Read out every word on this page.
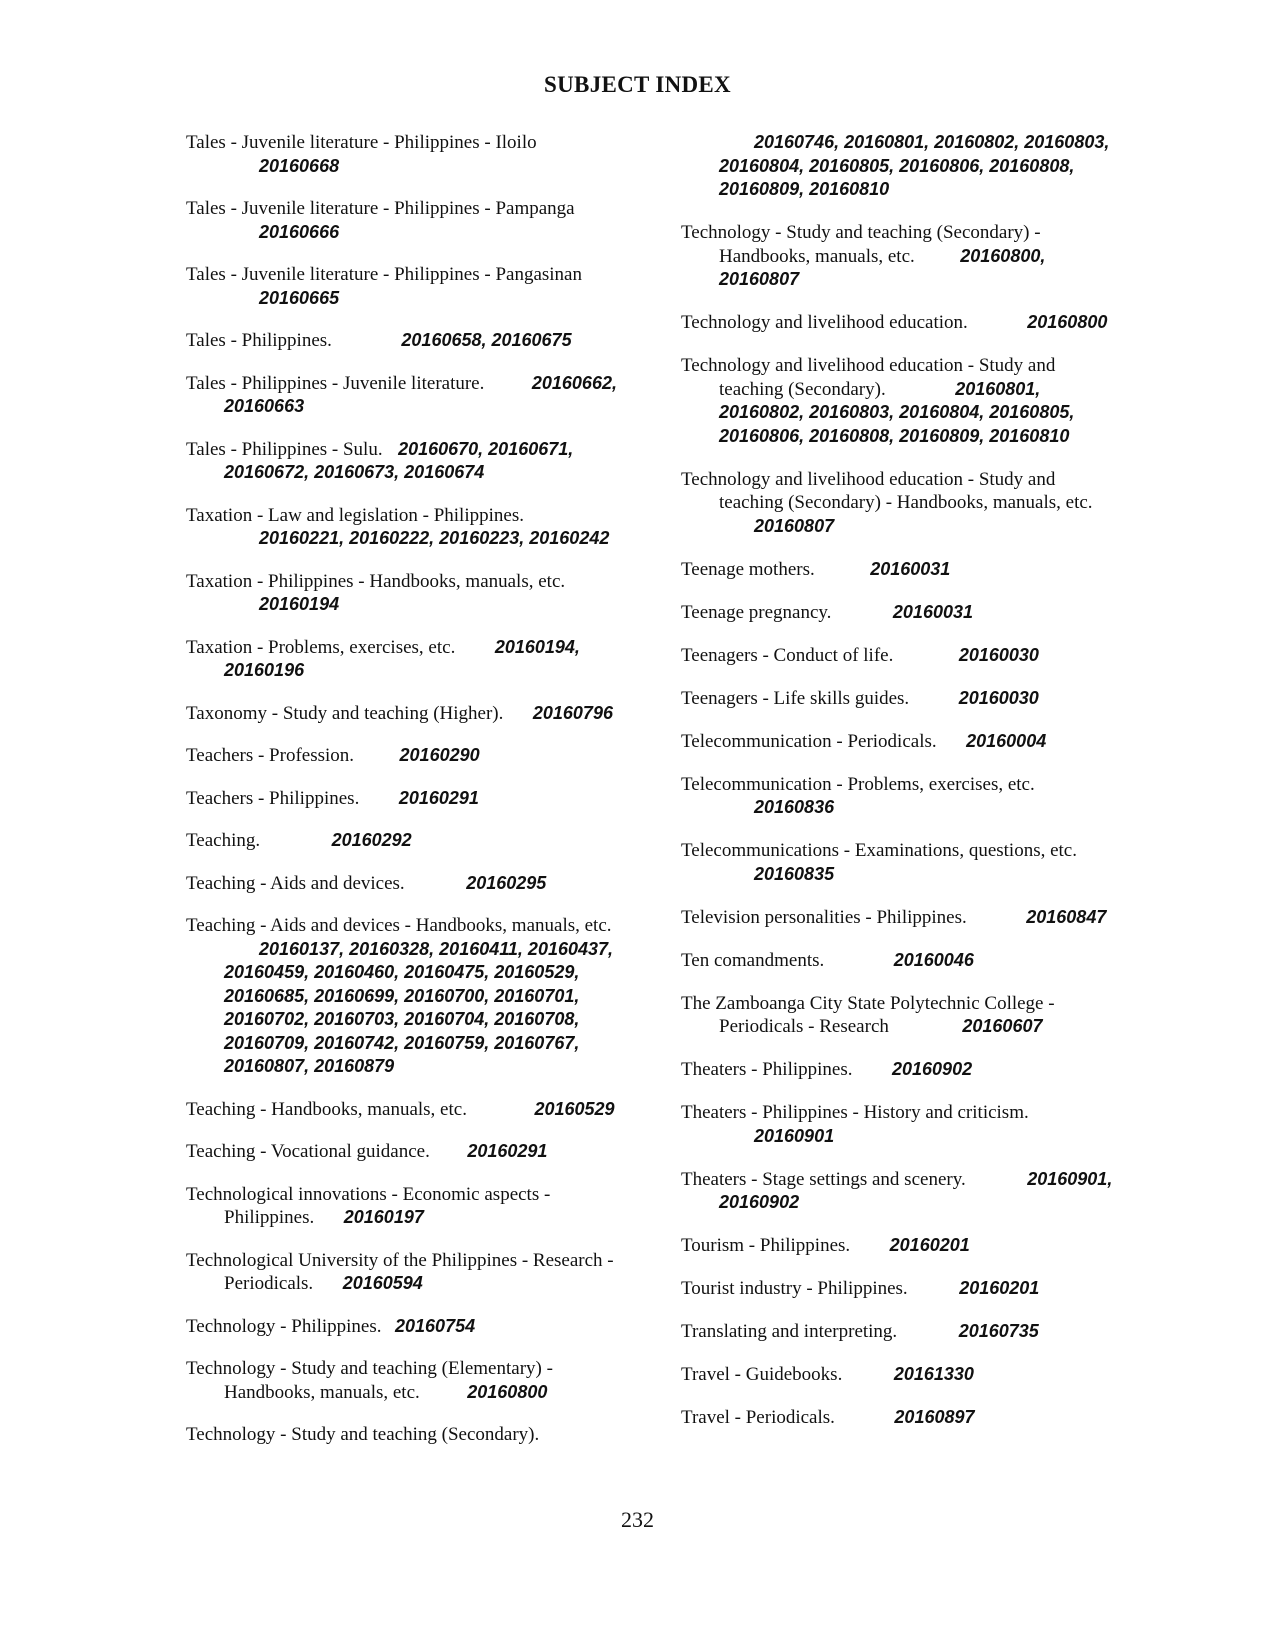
SUBJECT INDEX
Tales - Juvenile literature - Philippines - Iloilo
20160668
Tales - Juvenile literature - Philippines - Pampanga
20160666
Tales - Juvenile literature - Philippines - Pangasinan
20160665
Tales - Philippines.	20160658, 20160675
Tales - Philippines - Juvenile literature.	20160662,
20160663
Tales - Philippines - Sulu. 20160670, 20160671,
20160672, 20160673, 20160674
Taxation - Law and legislation - Philippines.
20160221, 20160222, 20160223, 20160242
Taxation - Philippines - Handbooks, manuals, etc.
20160194
Taxation - Problems, exercises, etc. 20160194,
20160196
Taxonomy - Study and teaching (Higher). 20160796
Teachers - Profession.	20160290
Teachers - Philippines. 20160291
Teaching.	20160292
Teaching - Aids and devices.	20160295
Teaching - Aids and devices - Handbooks, manuals, etc.
20160137, 20160328, 20160411, 20160437,
20160459, 20160460, 20160475, 20160529,
20160685, 20160699, 20160700, 20160701,
20160702, 20160703, 20160704, 20160708,
20160709, 20160742, 20160759, 20160767,
20160807, 20160879
Teaching - Handbooks, manuals, etc.	20160529
Teaching - Vocational guidance. 20160291
Technological innovations - Economic aspects -
Philippines. 20160197
Technological University of the Philippines - Research -
Periodicals. 20160594
Technology - Philippines. 20160754
Technology - Study and teaching (Elementary) -
Handbooks, manuals, etc.	20160800
Technology - Study and teaching (Secondary).
20160746, 20160801, 20160802, 20160803,
20160804, 20160805, 20160806, 20160808,
20160809, 20160810
Technology - Study and teaching (Secondary) -
Handbooks, manuals, etc.	20160800,
20160807
Technology and livelihood education.	20160800
Technology and livelihood education - Study and
teaching (Secondary).	20160801,
20160802, 20160803, 20160804, 20160805,
20160806, 20160808, 20160809, 20160810
Technology and livelihood education - Study and
teaching (Secondary) - Handbooks, manuals, etc.
20160807
Teenage mothers.	20160031
Teenage pregnancy.	20160031
Teenagers - Conduct of life.	20160030
Teenagers - Life skills guides.	20160030
Telecommunication - Periodicals. 20160004
Telecommunication - Problems, exercises, etc.
20160836
Telecommunications - Examinations, questions, etc.
20160835
Television personalities - Philippines.	20160847
Ten comandments.	20160046
The Zamboanga City State Polytechnic College -
Periodicals - Research	20160607
Theaters - Philippines. 20160902
Theaters - Philippines - History and criticism.
20160901
Theaters - Stage settings and scenery.	20160901,
20160902
Tourism - Philippines. 20160201
Tourist industry - Philippines.	20160201
Translating and interpreting.	20160735
Travel - Guidebooks.	20161330
Travel - Periodicals.	20160897
232
